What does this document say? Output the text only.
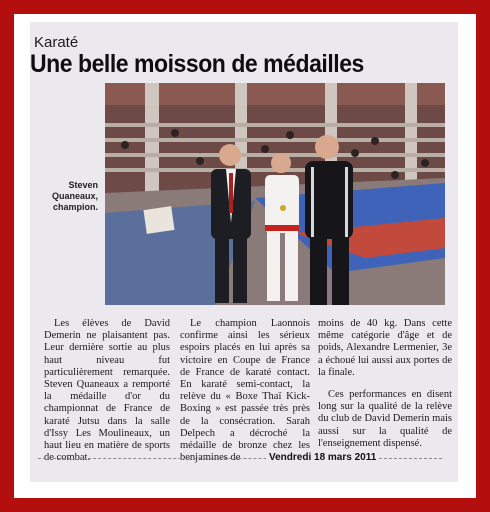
Karaté
Une belle moisson de médailles
Steven Quaneaux, champion.

Les élèves de David Demerin ne plaisantent pas. Leur dernière sortie au plus haut niveau fut particulièrement remarquée. Steven Quaneaux a remporté la médaille d'or du championnat de France de karaté Jutsu dans la salle d'Issy Les Moulineaux, un haut lieu en matière de sports de combat.

Le champion Laonnois confirme ainsi les sérieux espoirs placés en lui après sa victoire en Coupe de France de France de karaté contact. En karaté semi-contact, la relève du « Boxe Thaï Kick-Boxing » est passée très près de la consécration. Sarah Delpech a décroché la médaille de bronze chez les benjamines de

moins de 40 kg. Dans cette même catégorie d'âge et de poids, Alexandre Lermenier, 3e a échoué lui aussi aux portes de la finale.

Ces performances en disent long sur la qualité de la relève du club de David Demerin mais aussi sur la qualité de l'enseignement dispensé.

Vendredi 18 mars 2011
